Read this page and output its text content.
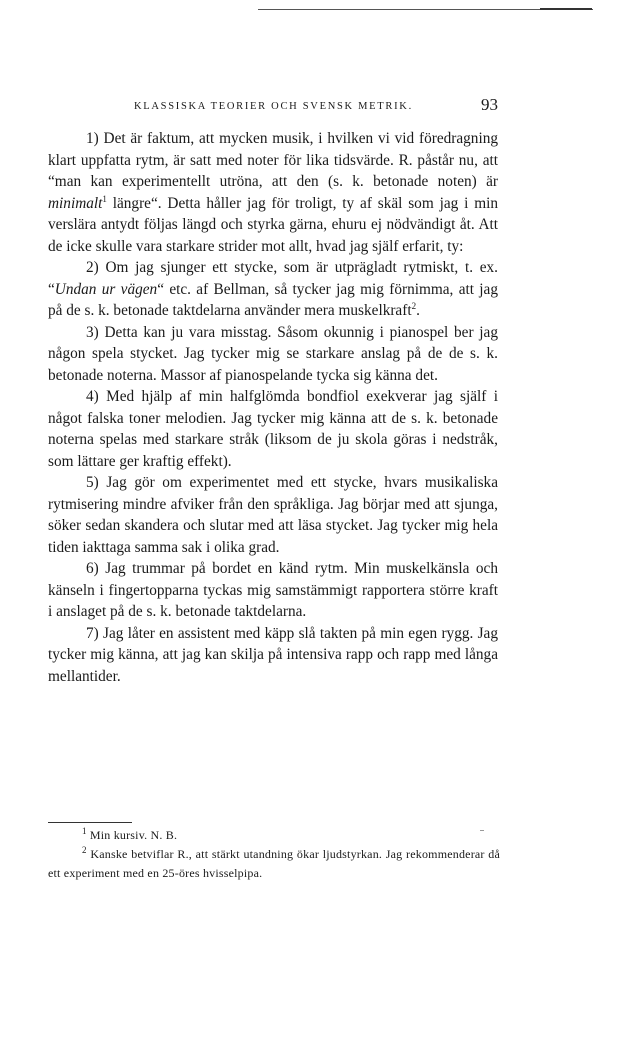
KLASSISKA TEORIER OCH SVENSK METRIK.	93

1) Det är faktum, att mycken musik, i hvilken vi vid föredragning klart uppfatta rytm, är satt med noter för lika tidsvärde. R. påstår nu, att “man kan experimentellt utröna, att den (s. k. betonade noten) är minimalt$^1$ längre“. Detta håller jag för troligt, ty af skäl som jag i min verslära antydt följas längd och styrka gärna, ehuru ej nödvändigt åt. Att de icke skulle vara starkare strider mot allt, hvad jag själf erfarit, ty:

2) Om jag sjunger ett stycke, som är utprägladt rytmiskt, t. ex. “Undan ur vägen“ etc. af Bellman, så tycker jag mig förnimma, att jag på de s. k. betonade taktdelarna använder mera muskelkraft$^2$.

3) Detta kan ju vara misstag. Såsom okunnig i pianospel ber jag någon spela stycket. Jag tycker mig se starkare anslag på de de s. k. betonade noterna. Massor af pianospelande tycka sig känna det.

4) Med hjälp af min halfglömda bondfiol exekverar jag själf i något falska toner melodien. Jag tycker mig känna att de s. k. betonade noterna spelas med starkare stråk (liksom de ju skola göras i nedstråk, som lättare ger kraftig effekt).

5) Jag gör om experimentet med ett stycke, hvars musikaliska rytmisering mindre afviker från den språkliga. Jag börjar med att sjunga, söker sedan skandera och slutar med att läsa stycket. Jag tycker mig hela tiden iakttaga samma sak i olika grad.

6) Jag trummar på bordet en känd rytm. Min muskelkänsla och känseln i fingertopparna tyckas mig samstämmigt rapportera större kraft i anslaget på de s. k. betonade taktdelarna.

7) Jag låter en assistent med käpp slå takten på min egen rygg. Jag tycker mig känna, att jag kan skilja på intensiva rapp och rapp med långa mellantider.

$^1$ Min kursiv. N. B.

$^2$ Kanske betviflar R., att stärkt utandning ökar ljudstyrkan. Jag rekommenderar då ett experiment med en 25-öres hvisselpipa.
